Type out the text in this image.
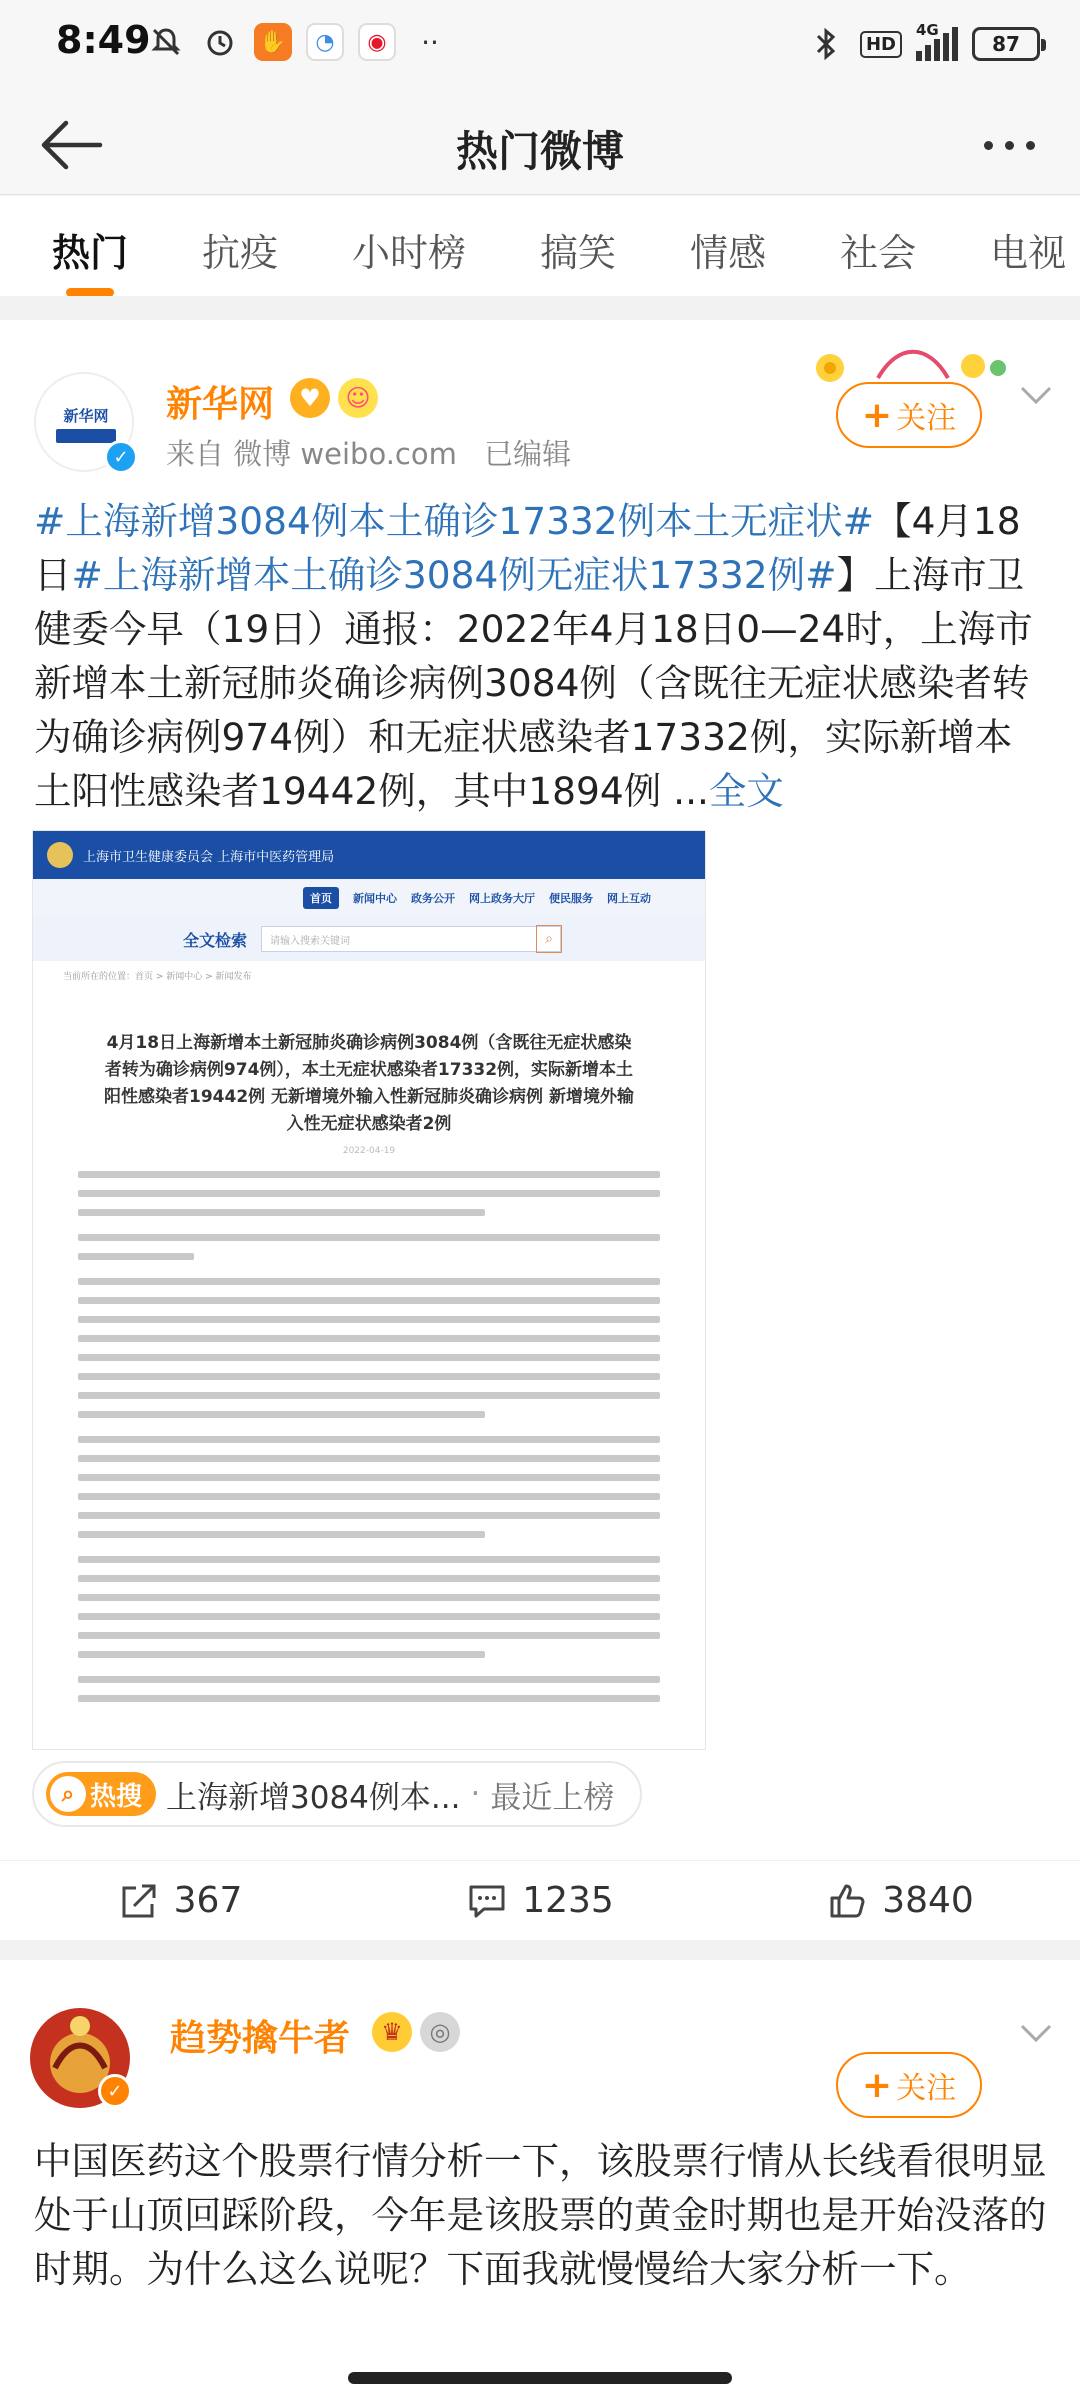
8:49	✋	◔	◉	··	HD
4G
87
热门微博
热门 抗疫 小时榜 搞笑 情感 社会 电视
新华网
✓
新华网	♥	☺
来自 微博 weibo.com 已编辑
+ 关注
#上海新增3084例本土确诊17332例本土无症状#【4月18日#上海新增本土确诊3084例无症状17332例#】上海市卫健委今早（19日）通报：2022年4月18日0—24时，上海市新增本土新冠肺炎确诊病例3084例（含既往无症状感染者转为确诊病例974例）和无症状感染者17332例，实际新增本土阳性感染者19442例，其中1894例 ...全文
上海市卫生健康委员会 上海市中医药管理局
首页	新闻中心 政务公开 网上政务大厅 便民服务 网上互动
全文检索 请输入搜索关键词	⌕
当前所在的位置：首页 > 新闻中心 > 新闻发布
4月18日上海新增本土新冠肺炎确诊病例3084例（含既往无症状感染者转为确诊病例974例），本土无症状感染者17332例，实际新增本土阳性感染者19442例 无新增境外输入性新冠肺炎确诊病例 新增境外输入性无症状感染者2例
2022-04-19
⌕ 热搜 上海新增3084例本... · 最近上榜
367	1235	3840
✓
趋势擒牛者	♛	◎
+ 关注
中国医药这个股票行情分析一下，该股票行情从长线看很明显处于山顶回踩阶段，今年是该股票的黄金时期也是开始没落的时期。为什么这么说呢？下面我就慢慢给大家分析一下。
